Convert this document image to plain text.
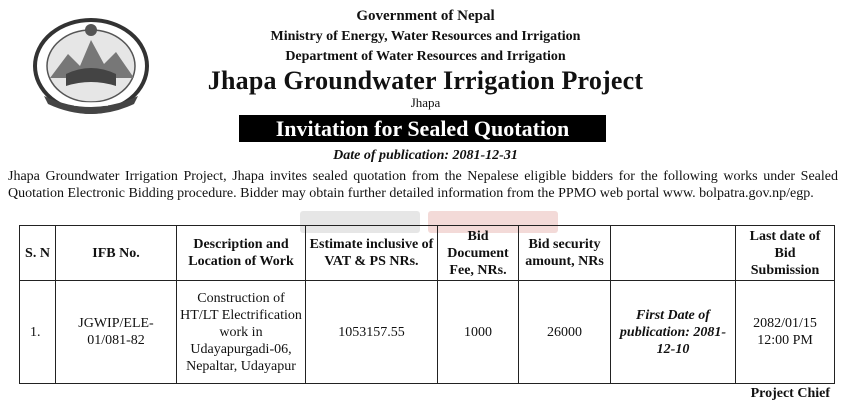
Government of Nepal
Ministry of Energy, Water Resources and Irrigation
Department of Water Resources and Irrigation
Jhapa Groundwater Irrigation Project
Jhapa
Invitation for Sealed Quotation
Date of publication: 2081-12-31
Jhapa Groundwater Irrigation Project, Jhapa invites sealed quotation from the Nepalese eligible bidders for the following works under Sealed Quotation Electronic Bidding procedure. Bidder may obtain further detailed information from the PPMO web portal www. bolpatra.gov.np/egp.
S. N	IFB No.	Description and Location of Work	Estimate inclusive of VAT & PS NRs.	Bid Document Fee, NRs.	Bid security amount, NRs		Last date of Bid Submission
1.	JGWIP/ELE-01/081-82	Construction of HT/LT Electrification work in Udayapurgadi-06, Nepaltar, Udayapur	1053157.55	1000	26000	First Date of publication: 2081-12-10	2082/01/15
12:00 PM
Project Chief
